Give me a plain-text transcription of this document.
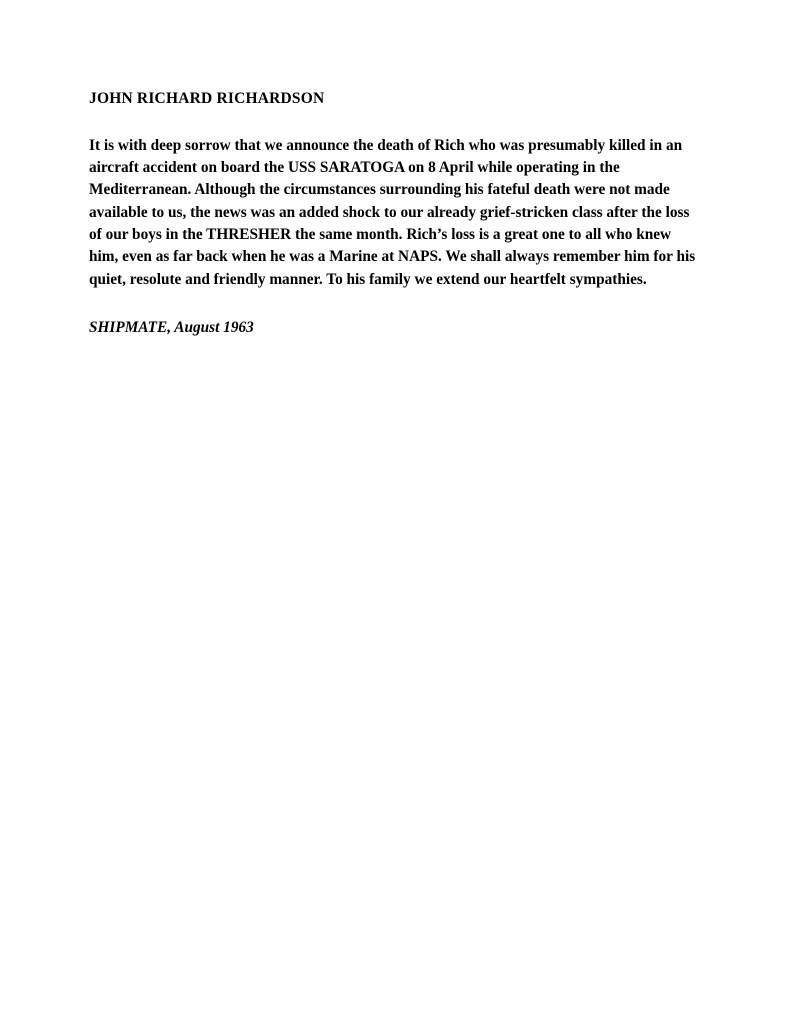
JOHN RICHARD RICHARDSON

It is with deep sorrow that we announce the death of Rich who was presumably killed in an aircraft accident on board the USS SARATOGA on 8 April while operating in the Mediterranean. Although the circumstances surrounding his fateful death were not made available to us, the news was an added shock to our already grief-stricken class after the loss of our boys in the THRESHER the same month. Rich’s loss is a great one to all who knew him, even as far back when he was a Marine at NAPS. We shall always remember him for his quiet, resolute and friendly manner. To his family we extend our heartfelt sympathies.

SHIPMATE, August 1963
